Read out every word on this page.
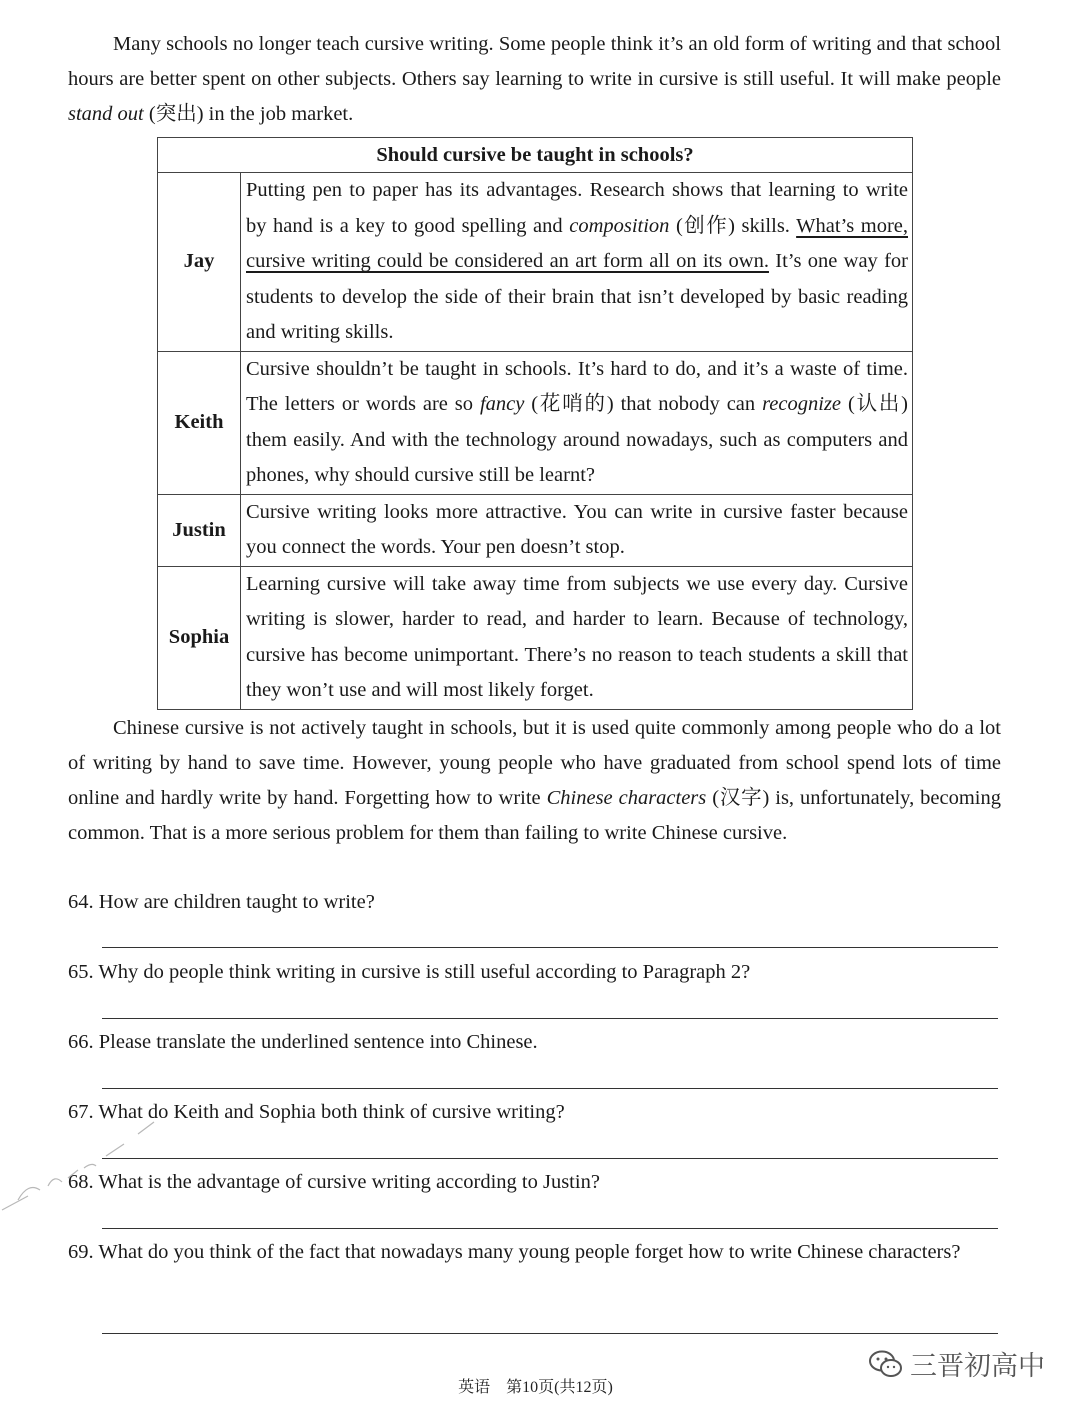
Many schools no longer teach cursive writing. Some people think it’s an old form of writing and that school hours are better spent on other subjects. Others say learning to write in cursive is still useful. It will make people stand out (突出) in the job market.
Should cursive be taught in schools?	
Jay	Putting pen to paper has its advantages. Research shows that learning to write by hand is a key to good spelling and composition (创作) skills. What’s more, cursive writing could be considered an art form all on its own. It’s one way for students to develop the side of their brain that isn’t developed by basic reading and writing skills.
Keith	Cursive shouldn’t be taught in schools. It’s hard to do, and it’s a waste of time. The letters or words are so fancy (花哨的) that nobody can recognize (认出) them easily. And with the technology around nowadays, such as computers and phones, why should cursive still be learnt?
Justin	Cursive writing looks more attractive. You can write in cursive faster because you connect the words. Your pen doesn’t stop.
Sophia	Learning cursive will take away time from subjects we use every day. Cursive writing is slower, harder to read, and harder to learn. Because of technology, cursive has become unimportant. There’s no reason to teach students a skill that they won’t use and will most likely forget.
Chinese cursive is not actively taught in schools, but it is used quite commonly among people who do a lot of writing by hand to save time. However, young people who have graduated from school spend lots of time online and hardly write by hand. Forgetting how to write Chinese characters (汉字) is, unfortunately, becoming common. That is a more serious problem for them than failing to write Chinese cursive.
64. How are children taught to write?
65. Why do people think writing in cursive is still useful according to Paragraph 2?
66. Please translate the underlined sentence into Chinese.
67. What do Keith and Sophia both think of cursive writing?
68. What is the advantage of cursive writing according to Justin?
69. What do you think of the fact that nowadays many young people forget how to write Chinese characters?
英语　第10页(共12页)
三晋初高中
